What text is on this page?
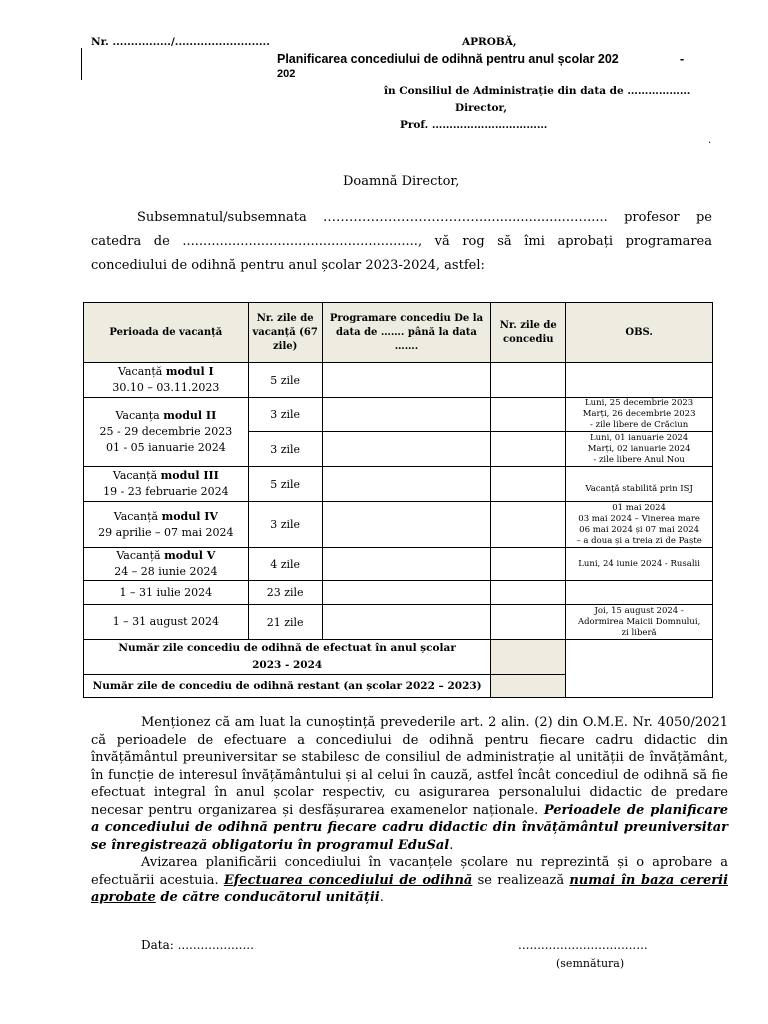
Nr. ................/..........................	APROBĂ,
Planificarea concediului de odihnă pentru anul școlar 202	-
202
în Consiliul de Administrație din data de ………………
Director,
Prof. ……………………………
.
Doamnă Director,

Subsemnatul/subsemnata ……………………………….......................…..... profesor pe catedra de ........................................................., vă rog să îmi aprobați programarea concediului de odihnă pentru anul școlar 2023-2024, astfel:

Perioada de vacanță	Nr. zile de vacanță (67 zile)	Programare concediu De la data de ……. până la data …….	Nr. zile de concediu	OBS.
Vacanță modul I
30.10 – 03.11.2023	5 zile			
Vacanța modul II
25 - 29 decembrie 2023
01 - 05 ianuarie 2024	3 zile			Luni, 25 decembrie 2023
Marți, 26 decembrie 2023
- zile libere de Crăciun
	3 zile			Luni, 01 ianuarie 2024
Marți, 02 ianuarie 2024
- zile libere Anul Nou
Vacanță modul III
19 - 23 februarie 2024	5 zile			Vacanță stabilită prin ISJ
Vacanță modul IV
29 aprilie – 07 mai 2024	3 zile			01 mai 2024
03 mai 2024 – Vinerea mare
06 mai 2024 și 07 mai 2024
– a doua și a treia zi de Paște
Vacanță modul V
24 – 28 iunie 2024	4 zile			Luni, 24 iunie 2024 - Rusalii
1 – 31 iulie 2024	23 zile			
1 – 31 august 2024	21 zile			Joi, 15 august 2024 -
Adormirea Maicii Domnului,
zi liberă
Număr zile concediu de odihnă de efectuat în anul școlar
2023 - 2024				
Număr zile de concediu de odihnă restant (an școlar 2022 – 2023)				

Menționez că am luat la cunoștință prevederile art. 2 alin. (2) din O.M.E. Nr. 4050/2021 că perioadele de efectuare a concediului de odihnă pentru fiecare cadru didactic din învățământul preuniversitar se stabilesc de consiliul de administrație al unității de învățământ, în funcție de interesul învățământului și al celui în cauză, astfel încât concediul de odihnă să fie efectuat integral în anul școlar respectiv, cu asigurarea personalului didactic de predare necesar pentru organizarea și desfășurarea examenelor naționale. Perioadele de planificare a concediului de odihnă pentru fiecare cadru didactic din învățământul preuniversitar se înregistrează obligatoriu în programul EduSal.

Avizarea planificării concediului în vacanțele școlare nu reprezintă și o aprobare a efectuării acestuia. Efectuarea concediului de odihnă se realizează numai în baza cererii aprobate de către conducătorul unității.

Data: ....................	..................................
(semnătura)
